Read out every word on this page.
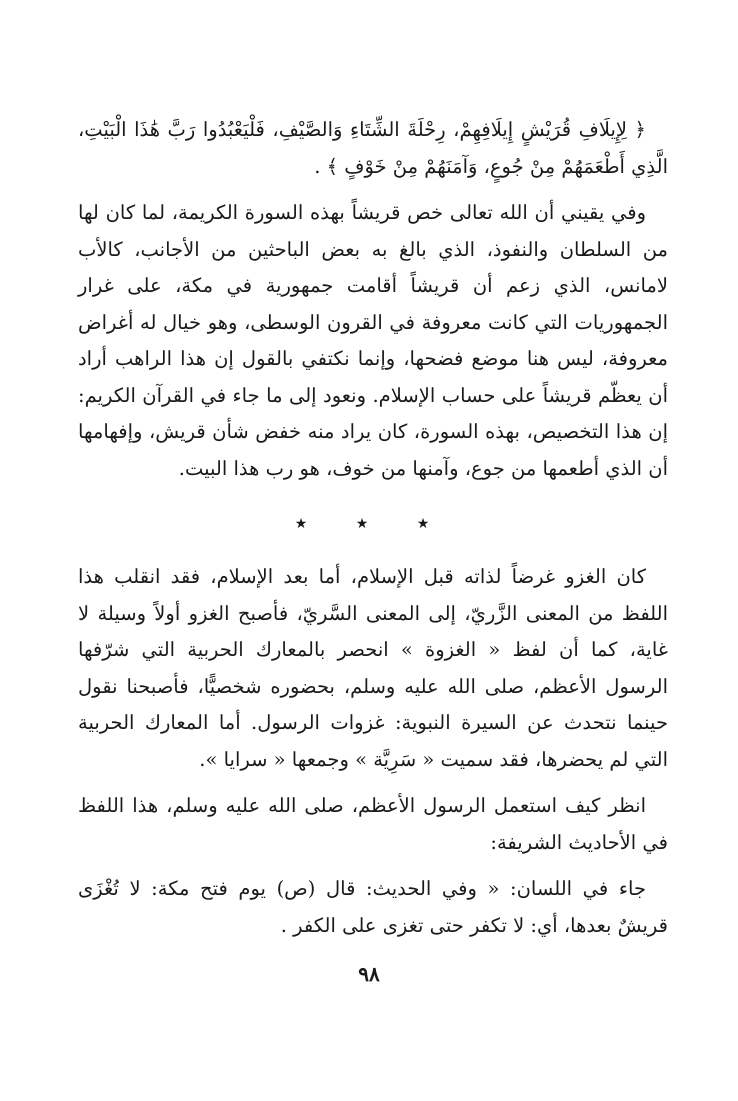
﴿ لِإِيلَافِ قُرَيْشٍ إِيلَافِهِمْ، رِحْلَةَ الشِّتَاءِ وَالصَّيْفِ، فَلْيَعْبُدُوا رَبَّ هَٰذَا الْبَيْتِ، الَّذِي أَطْعَمَهُمْ مِنْ جُوعٍ، وَآمَنَهُمْ مِنْ خَوْفٍ ﴾ .

وفي يقيني أن الله تعالى خص قريشاً بهذه السورة الكريمة، لما كان لها من السلطان والنفوذ، الذي بالغ به بعض الباحثين من الأجانب، كالأب لامانس، الذي زعم أن قريشاً أقامت جمهورية في مكة، على غرار الجمهوريات التي كانت معروفة في القرون الوسطى، وهو خيال له أغراض معروفة، ليس هنا موضع فضحها، وإنما نكتفي بالقول إن هذا الراهب أراد أن يعظّم قريشاً على حساب الإسلام. ونعود إلى ما جاء في القرآن الكريم: إن هذا التخصيص، بهذه السورة، كان يراد منه خفض شأن قريش، وإفهامها أن الذي أطعمها من جوع، وآمنها من خوف، هو رب هذا البيت.

★ ★ ★

كان الغزو غرضاً لذاته قبل الإسلام، أما بعد الإسلام، فقد انقلب هذا اللفظ من المعنى الزَّريّ، إلى المعنى السَّريّ، فأصبح الغزو أولاً وسيلة لا غاية، كما أن لفظ « الغزوة » انحصر بالمعارك الحربية التي شرّفها الرسول الأعظم، صلى الله عليه وسلم، بحضوره شخصيًّا، فأصبحنا نقول حينما نتحدث عن السيرة النبوية: غزوات الرسول. أما المعارك الحربية التي لم يحضرها، فقد سميت « سَرِيَّة » وجمعها « سرايا ».

انظر كيف استعمل الرسول الأعظم، صلى الله عليه وسلم، هذا اللفظ في الأحاديث الشريفة:

جاء في اللسان: « وفي الحديث: قال (ص) يوم فتح مكة: لا تُغْزَى قريشٌ بعدها، أي: لا تكفر حتى تغزى على الكفر .

٩٨
